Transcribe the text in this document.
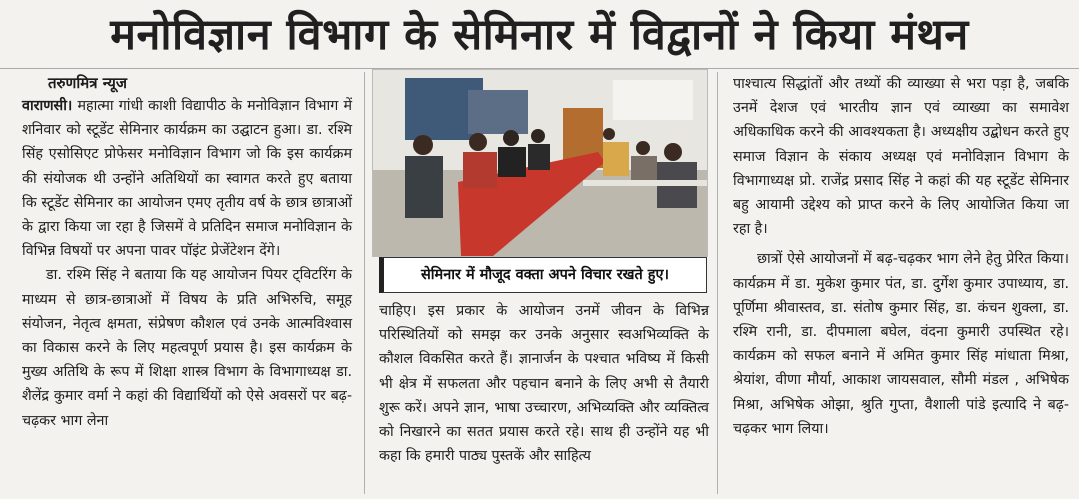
मनोविज्ञान विभाग के सेमिनार में विद्वानों ने किया मंथन
तरुणमित्र न्यूज

वाराणसी। महात्मा गांधी काशी विद्यापीठ के मनोविज्ञान विभाग में शनिवार को स्टूडेंट सेमिनार कार्यक्रम का उद्घाटन हुआ। डा. रश्मि सिंह एसोसिएट प्रोफेसर मनोविज्ञान विभाग जो कि इस कार्यक्रम की संयोजक थी उन्होंने अतिथियों का स्वागत करते हुए बताया कि स्टूडेंट सेमिनार का आयोजन एमए तृतीय वर्ष के छात्र छात्राओं के द्वारा किया जा रहा है जिसमें वे प्रतिदिन समाज मनोविज्ञान के विभिन्न विषयों पर अपना पावर पॉइंट प्रेजेंटेशन देंगे।

डा. रश्मि सिंह ने बताया कि यह आयोजन पियर ट्विटरिंग के माध्यम से छात्र-छात्राओं में विषय के प्रति अभिरुचि, समूह संयोजन, नेतृत्व क्षमता, संप्रेषण कौशल एवं उनके आत्मविश्वास का विकास करने के लिए महत्वपूर्ण प्रयास है। इस कार्यक्रम के मुख्य अतिथि के रूप में शिक्षा शास्त्र विभाग के विभागाध्यक्ष डा. शैलेंद्र कुमार वर्मा ने कहां की विद्यार्थियों को ऐसे अवसरों पर बढ़-चढ़कर भाग लेना

सेमिनार में मौजूद वक्ता अपने विचार रखते हुए।

चाहिए। इस प्रकार के आयोजन उनमें जीवन के विभिन्न परिस्थितियों को समझ कर उनके अनुसार स्वअभिव्यक्ति के कौशल विकसित करते हैं। ज्ञानार्जन के पश्चात भविष्य में किसी भी क्षेत्र में सफलता और पहचान बनाने के लिए अभी से तैयारी शुरू करें। अपने ज्ञान, भाषा उच्चारण, अभिव्यक्ति और व्यक्तित्व को निखारने का सतत प्रयास करते रहे। साथ ही उन्होंने यह भी कहा कि हमारी पाठ्य पुस्तकें और साहित्य

पाश्चात्य सिद्धांतों और तथ्यों की व्याख्या से भरा पड़ा है, जबकि उनमें देशज एवं भारतीय ज्ञान एवं व्याख्या का समावेश अधिकाधिक करने की आवश्यकता है। अध्यक्षीय उद्बोधन करते हुए समाज विज्ञान के संकाय अध्यक्ष एवं मनोविज्ञान विभाग के विभागाध्यक्ष प्रो. राजेंद्र प्रसाद सिंह ने कहां की यह स्टूडेंट सेमिनार बहु आयामी उद्देश्य को प्राप्त करने के लिए आयोजित किया जा रहा है।

छात्रों ऐसे आयोजनों में बढ़-चढ़कर भाग लेने हेतु प्रेरित किया। कार्यक्रम में डा. मुकेश कुमार पंत, डा. दुर्गेश कुमार उपाध्याय, डा. पूर्णिमा श्रीवास्तव, डा. संतोष कुमार सिंह, डा. कंचन शुक्ला, डा. रश्मि रानी, डा. दीपमाला बघेल, वंदना कुमारी उपस्थित रहे। कार्यक्रम को सफल बनाने में अमित कुमार सिंह मांधाता मिश्रा, श्रेयांश, वीणा मौर्या, आकाश जायसवाल, सौमी मंडल , अभिषेक मिश्रा, अभिषेक ओझा, श्रुति गुप्ता, वैशाली पांडे इत्यादि ने बढ़-चढ़कर भाग लिया।
